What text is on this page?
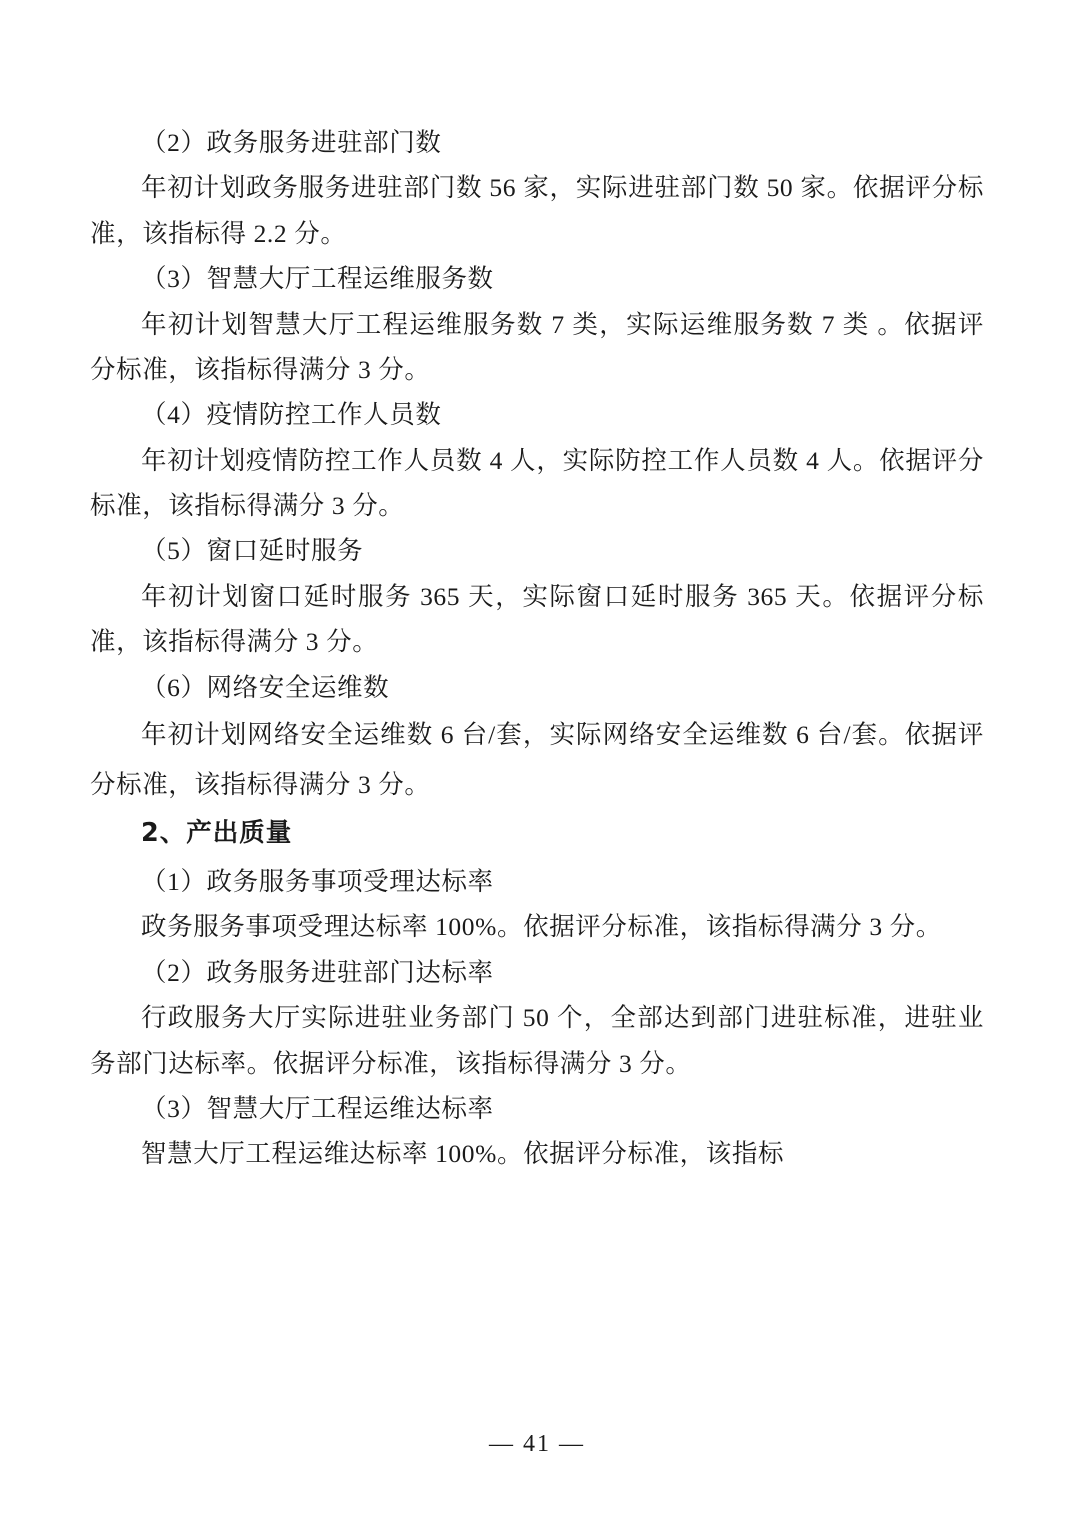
（2）政务服务进驻部门数

年初计划政务服务进驻部门数 56 家，实际进驻部门数 50 家。依据评分标准，该指标得 2.2 分。

（3）智慧大厅工程运维服务数

年初计划智慧大厅工程运维服务数 7 类，实际运维服务数 7 类 。依据评分标准，该指标得满分 3 分。

（4）疫情防控工作人员数

年初计划疫情防控工作人员数 4 人，实际防控工作人员数 4 人。依据评分标准，该指标得满分 3 分。

（5）窗口延时服务

年初计划窗口延时服务 365 天，实际窗口延时服务 365 天。依据评分标准，该指标得满分 3 分。

（6）网络安全运维数

年初计划网络安全运维数 6 台/套，实际网络安全运维数 6 台/套。依据评分标准，该指标得满分 3 分。

2、产出质量

（1）政务服务事项受理达标率

政务服务事项受理达标率 100%。依据评分标准，该指标得满分 3 分。

（2）政务服务进驻部门达标率

行政服务大厅实际进驻业务部门 50 个，全部达到部门进驻标准，进驻业务部门达标率。依据评分标准，该指标得满分 3 分。

（3）智慧大厅工程运维达标率

智慧大厅工程运维达标率 100%。依据评分标准，该指标

— 41 —
